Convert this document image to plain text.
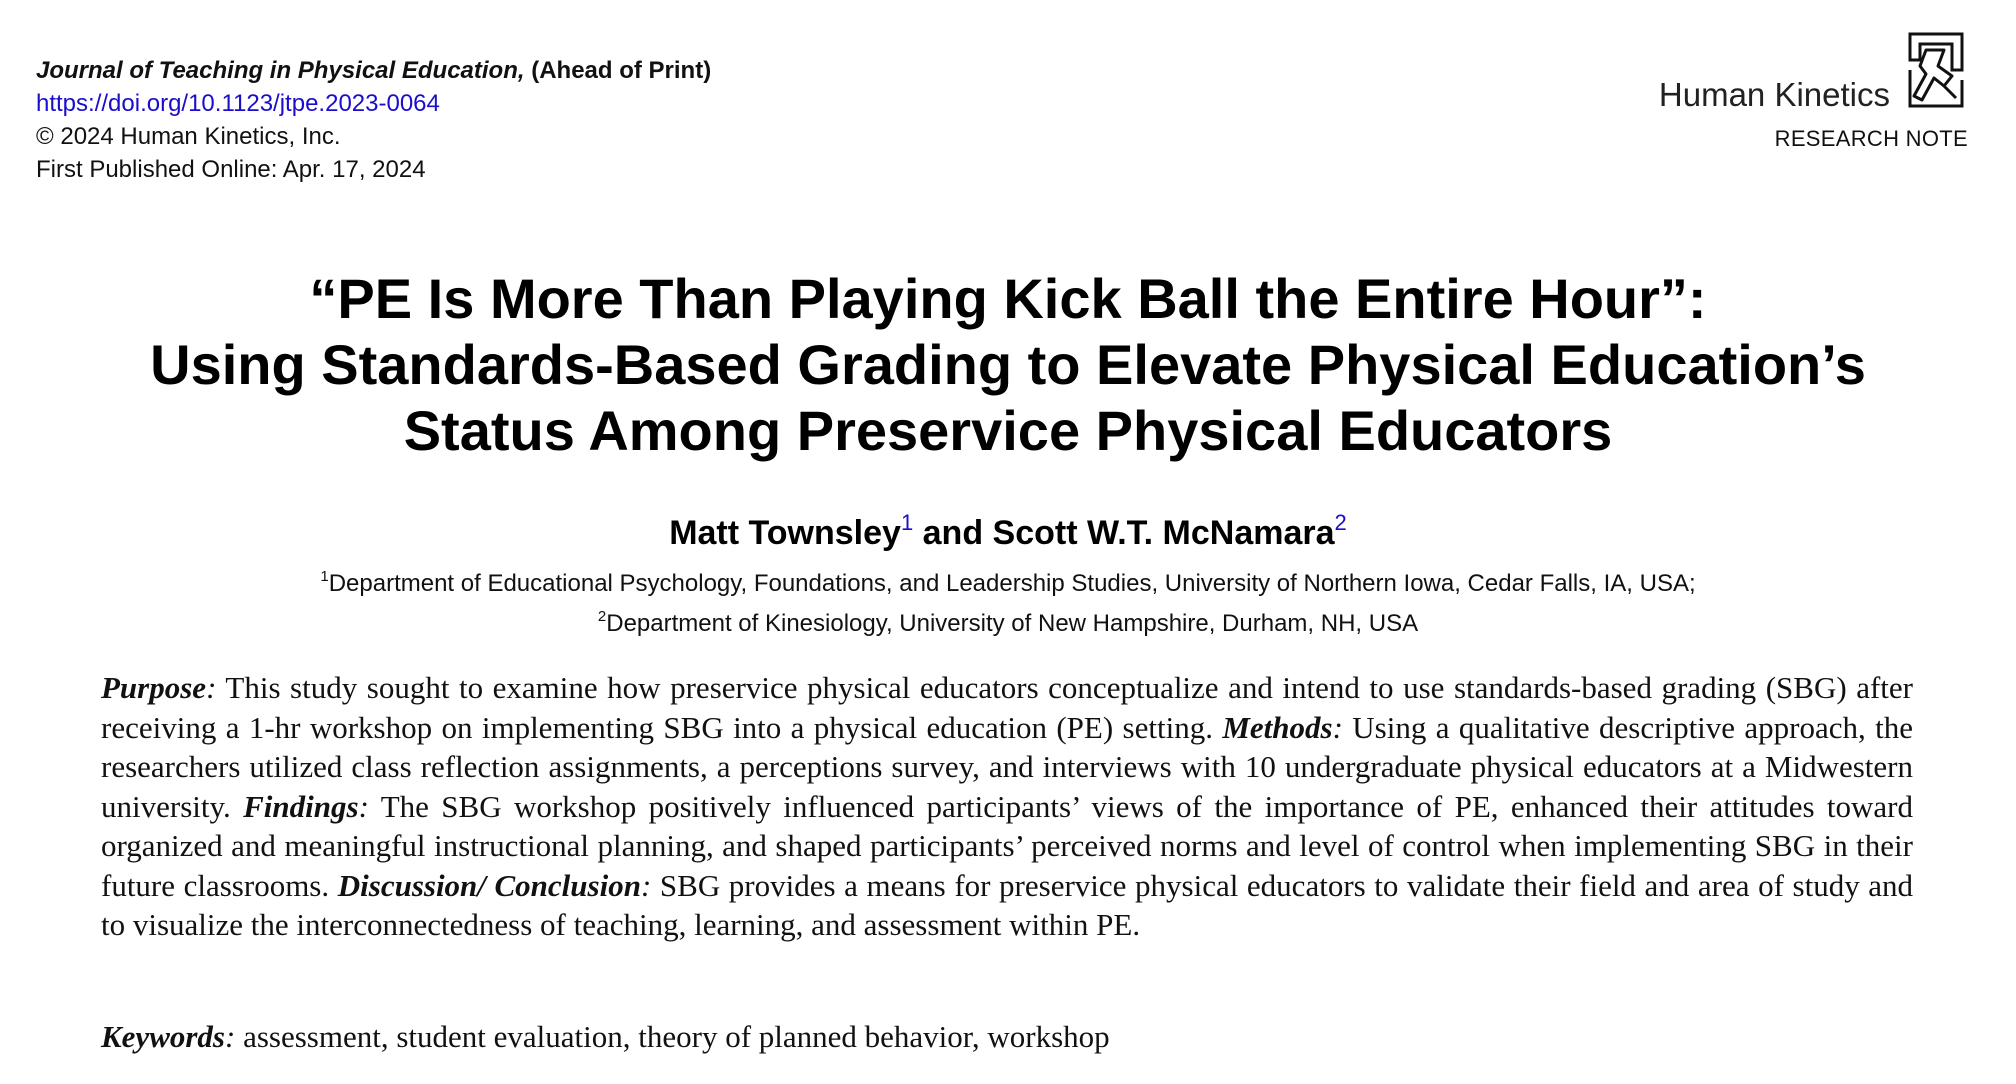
Journal of Teaching in Physical Education, (Ahead of Print)
https://doi.org/10.1123/jtpe.2023-0064
© 2024 Human Kinetics, Inc.
First Published Online: Apr. 17, 2024
Human Kinetics
RESEARCH NOTE
“PE Is More Than Playing Kick Ball the Entire Hour”:
Using Standards-Based Grading to Elevate Physical Education’s
Status Among Preservice Physical Educators
Matt Townsley$^1$ and Scott W.T. McNamara$^2$
$^1$Department of Educational Psychology, Foundations, and Leadership Studies, University of Northern Iowa, Cedar Falls, IA, USA;
$^2$Department of Kinesiology, University of New Hampshire, Durham, NH, USA
Purpose: This study sought to examine how preservice physical educators conceptualize and intend to use standards-based grading (SBG) after receiving a 1-hr workshop on implementing SBG into a physical education (PE) setting. Methods: Using a qualitative descriptive approach, the researchers utilized class reflection assignments, a perceptions survey, and interviews with 10 undergraduate physical educators at a Midwestern university. Findings: The SBG workshop positively influenced participants’ views of the importance of PE, enhanced their attitudes toward organized and meaningful instructional planning, and shaped participants’ perceived norms and level of control when implementing SBG in their future classrooms. Discussion/ Conclusion: SBG provides a means for preservice physical educators to validate their field and area of study and to visualize the interconnectedness of teaching, learning, and assessment within PE.
Keywords: assessment, student evaluation, theory of planned behavior, workshop
